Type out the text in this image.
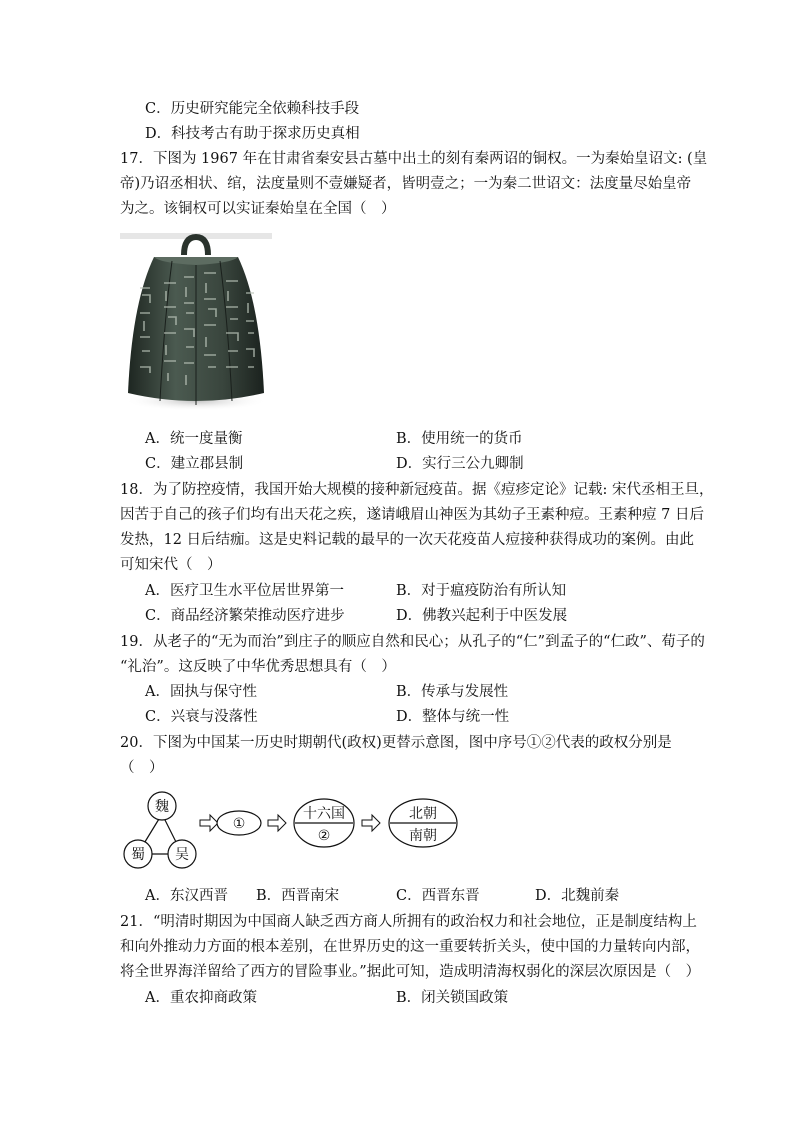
C．历史研究能完全依赖科技手段
D．科技考古有助于探求历史真相
17．下图为 1967 年在甘肃省秦安县古墓中出土的刻有秦两诏的铜权。一为秦始皇诏文: (皇
帝)乃诏丞相状、绾，法度量则不壹嫌疑者，皆明壹之；一为秦二世诏文：法度量尽始皇帝
为之。该铜权可以实证秦始皇在全国（　）
A．统一度量衡	B．使用统一的货币
C．建立郡县制	D．实行三公九卿制
18．为了防控疫情，我国开始大规模的接种新冠疫苗。据《痘疹定论》记载: 宋代丞相王旦，
因苦于自己的孩子们均有出天花之疾，遂请峨眉山神医为其幼子王素种痘。王素种痘 7 日后
发热，12 日后结痂。这是史料记载的最早的一次天花疫苗人痘接种获得成功的案例。由此
可知宋代（　）
A．医疗卫生水平位居世界第一	B．对于瘟疫防治有所认知
C．商品经济繁荣推动医疗进步	D．佛教兴起利于中医发展
19．从老子的“无为而治”到庄子的顺应自然和民心；从孔子的“仁”到孟子的“仁政”、荀子的
“礼治”。这反映了中华优秀思想具有（　）
A．固执与保守性	B．传承与发展性
C．兴衰与没落性	D．整体与统一性
20．下图为中国某一历史时期朝代(政权)更替示意图，图中序号①②代表的政权分别是
（　）
魏
蜀 吴
①
十六国
②
北朝
南朝
A．东汉西晋 B．西晋南宋	C．西晋东晋	D．北魏前秦
21．“明清时期因为中国商人缺乏西方商人所拥有的政治权力和社会地位，正是制度结构上
和向外推动力方面的根本差别，在世界历史的这一重要转折关头，使中国的力量转向内部，
将全世界海洋留给了西方的冒险事业。”据此可知，造成明清海权弱化的深层次原因是（　）
A．重农抑商政策	B．闭关锁国政策
